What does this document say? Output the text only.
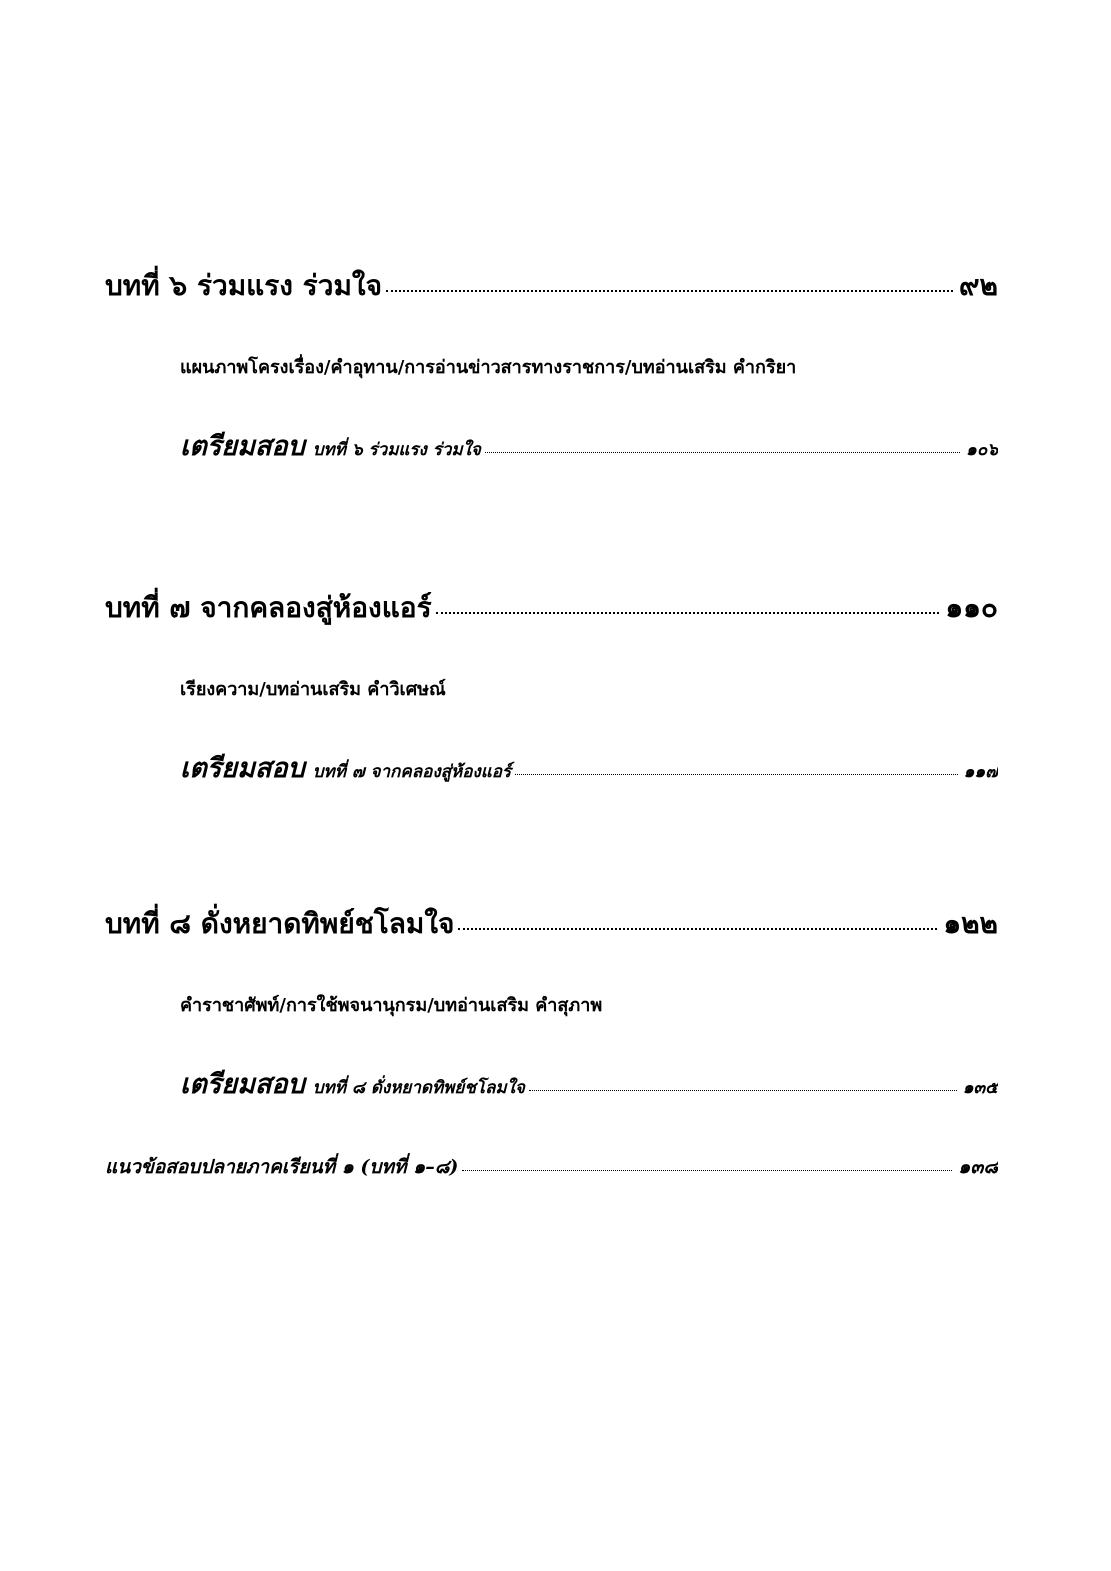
บทที่ ๖ ร่วมแรง ร่วมใจ	๙๒
แผนภาพโครงเรื่อง/คำอุทาน/การอ่านข่าวสารทางราชการ/บทอ่านเสริม คำกริยา
เตรียมสอบ บทที่ ๖ ร่วมแรง ร่วมใจ	๑๐๖
บทที่ ๗ จากคลองสู่ห้องแอร์	๑๑๐
เรียงความ/บทอ่านเสริม คำวิเศษณ์
เตรียมสอบ บทที่ ๗ จากคลองสู่ห้องแอร์	๑๑๗
บทที่ ๘ ดั่งหยาดทิพย์ชโลมใจ	๑๒๒
คำราชาศัพท์/การใช้พจนานุกรม/บทอ่านเสริม คำสุภาพ
เตรียมสอบ บทที่ ๘ ดั่งหยาดทิพย์ชโลมใจ	๑๓๕
แนวข้อสอบปลายภาคเรียนที่ ๑ (บทที่ ๑–๘)	๑๓๘
